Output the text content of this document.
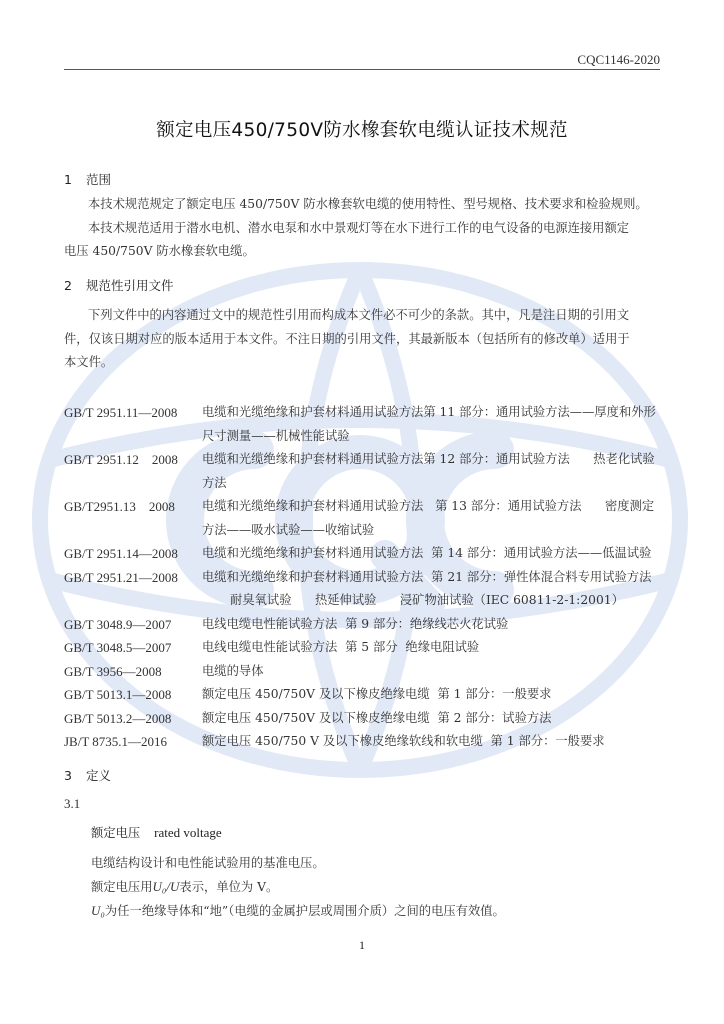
CQC1146-2020
额定电压450/750V防水橡套软电缆认证技术规范
1 范围
本技术规范规定了额定电压 450/750V 防水橡套软电缆的使用特性、型号规格、技术要求和检验规则。
本技术规范适用于潜水电机、潜水电泵和水中景观灯等在水下进行工作的电气设备的电源连接用额定
电压 450/750V 防水橡套软电缆。
2 规范性引用文件
下列文件中的内容通过文中的规范性引用而构成本文件必不可少的条款。其中，凡是注日期的引用文
件，仅该日期对应的版本适用于本文件。不注日期的引用文件，其最新版本（包括所有的修改单）适用于
本文件。
GB/T 2951.11—2008	电缆和光缆绝缘和护套材料通用试验方法第 11 部分：通用试验方法——厚度和外形
尺寸测量——机械性能试验
GB/T 2951.12    2008	电缆和光缆绝缘和护套材料通用试验方法第 12 部分：通用试验方法      热老化试验
方法
GB/T2951.13    2008	电缆和光缆绝缘和护套材料通用试验方法   第 13 部分：通用试验方法      密度测定
方法——吸水试验——收缩试验
GB/T 2951.14—2008	电缆和光缆绝缘和护套材料通用试验方法  第 14 部分：通用试验方法——低温试验
GB/T 2951.21—2008	电缆和光缆绝缘和护套材料通用试验方法  第 21 部分：弹性体混合料专用试验方法
耐臭氧试验      热延伸试验      浸矿物油试验（IEC 60811-2-1:2001）
GB/T 3048.9—2007	电线电缆电性能试验方法  第 9 部分：绝缘线芯火花试验
GB/T 3048.5—2007	电线电缆电性能试验方法  第 5 部分  绝缘电阻试验
GB/T 3956—2008	电缆的导体
GB/T 5013.1—2008	额定电压 450/750V 及以下橡皮绝缘电缆  第 1 部分：一般要求
GB/T 5013.2—2008	额定电压 450/750V 及以下橡皮绝缘电缆  第 2 部分：试验方法
JB/T 8735.1—2016	额定电压 450/750 V 及以下橡皮绝缘软线和软电缆  第 1 部分：一般要求
3 定义
3.1
额定电压 rated voltage
电缆结构设计和电性能试验用的基准电压。
额定电压用U₀/U表示，单位为 V。
U₀为任一绝缘导体和“地”（电缆的金属护层或周围介质）之间的电压有效值。
1
